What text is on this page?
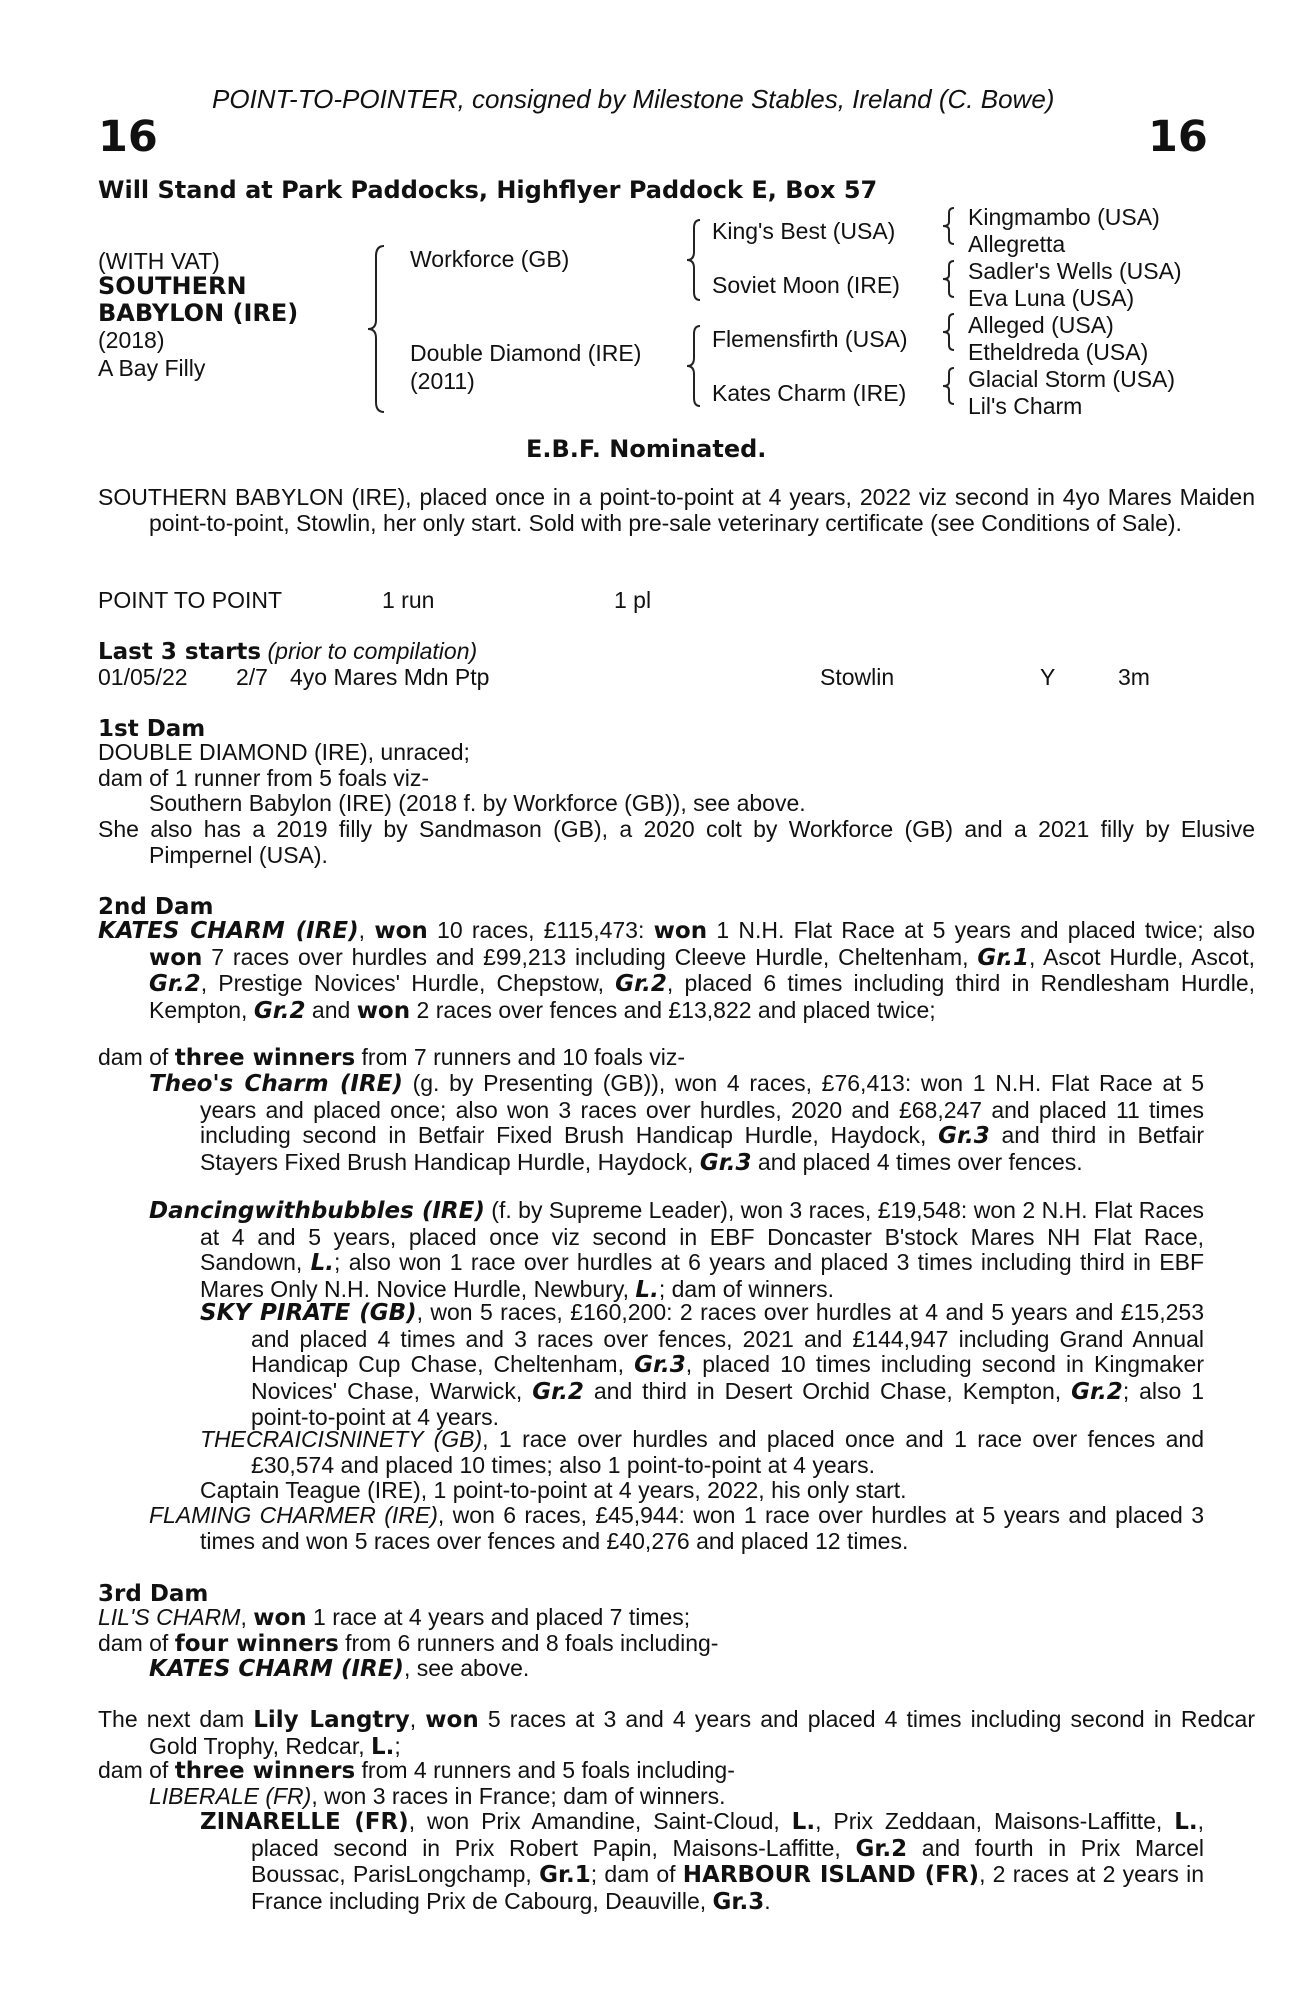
POINT-TO-POINTER, consigned by Milestone Stables, Ireland (C. Bowe)
16	16
Will Stand at Park Paddocks, Highflyer Paddock E, Box 57
(WITH VAT)
SOUTHERN
BABYLON (IRE)
(2018)
A Bay Filly
Workforce (GB)
Double Diamond (IRE)
(2011)
King's Best (USA)
Soviet Moon (IRE)
Flemensfirth (USA)
Kates Charm (IRE)
Kingmambo (USA)
Allegretta
Sadler's Wells (USA)
Eva Luna (USA)
Alleged (USA)
Etheldreda (USA)
Glacial Storm (USA)
Lil's Charm
E.B.F. Nominated.
SOUTHERN BABYLON (IRE), placed once in a point-to-point at 4 years, 2022 viz second in 4yo Mares Maiden point-to-point, Stowlin, her only start. Sold with pre-sale veterinary certificate (see Conditions of Sale).
POINT TO POINT	1 run	1 pl
Last 3 starts (prior to compilation)
01/05/22 2/7 4yo Mares Mdn Ptp	Stowlin	Y	3m
1st Dam
DOUBLE DIAMOND (IRE), unraced;
dam of 1 runner from 5 foals viz-
Southern Babylon (IRE) (2018 f. by Workforce (GB)), see above.
She also has a 2019 filly by Sandmason (GB), a 2020 colt by Workforce (GB) and a 2021 filly by Elusive Pimpernel (USA).
2nd Dam
KATES CHARM (IRE), won 10 races, £115,473: won 1 N.H. Flat Race at 5 years and placed twice; also won 7 races over hurdles and £99,213 including Cleeve Hurdle, Cheltenham, Gr.1, Ascot Hurdle, Ascot, Gr.2, Prestige Novices' Hurdle, Chepstow, Gr.2, placed 6 times including third in Rendlesham Hurdle, Kempton, Gr.2 and won 2 races over fences and £13,822 and placed twice;
dam of three winners from 7 runners and 10 foals viz-
Theo's Charm (IRE) (g. by Presenting (GB)), won 4 races, £76,413: won 1 N.H. Flat Race at 5 years and placed once; also won 3 races over hurdles, 2020 and £68,247 and placed 11 times including second in Betfair Fixed Brush Handicap Hurdle, Haydock, Gr.3 and third in Betfair Stayers Fixed Brush Handicap Hurdle, Haydock, Gr.3 and placed 4 times over fences.
Dancingwithbubbles (IRE) (f. by Supreme Leader), won 3 races, £19,548: won 2 N.H. Flat Races at 4 and 5 years, placed once viz second in EBF Doncaster B'stock Mares NH Flat Race, Sandown, L.; also won 1 race over hurdles at 6 years and placed 3 times including third in EBF Mares Only N.H. Novice Hurdle, Newbury, L.; dam of winners.
SKY PIRATE (GB), won 5 races, £160,200: 2 races over hurdles at 4 and 5 years and £15,253 and placed 4 times and 3 races over fences, 2021 and £144,947 including Grand Annual Handicap Cup Chase, Cheltenham, Gr.3, placed 10 times including second in Kingmaker Novices' Chase, Warwick, Gr.2 and third in Desert Orchid Chase, Kempton, Gr.2; also 1 point-to-point at 4 years.
THECRAICISNINETY (GB), 1 race over hurdles and placed once and 1 race over fences and £30,574 and placed 10 times; also 1 point-to-point at 4 years.
Captain Teague (IRE), 1 point-to-point at 4 years, 2022, his only start.
FLAMING CHARMER (IRE), won 6 races, £45,944: won 1 race over hurdles at 5 years and placed 3 times and won 5 races over fences and £40,276 and placed 12 times.
3rd Dam
LIL'S CHARM, won 1 race at 4 years and placed 7 times;
dam of four winners from 6 runners and 8 foals including-
KATES CHARM (IRE), see above.
The next dam Lily Langtry, won 5 races at 3 and 4 years and placed 4 times including second in Redcar Gold Trophy, Redcar, L.;
dam of three winners from 4 runners and 5 foals including-
LIBERALE (FR), won 3 races in France; dam of winners.
ZINARELLE (FR), won Prix Amandine, Saint-Cloud, L., Prix Zeddaan, Maisons-Laffitte, L., placed second in Prix Robert Papin, Maisons-Laffitte, Gr.2 and fourth in Prix Marcel Boussac, ParisLongchamp, Gr.1; dam of HARBOUR ISLAND (FR), 2 races at 2 years in France including Prix de Cabourg, Deauville, Gr.3.
